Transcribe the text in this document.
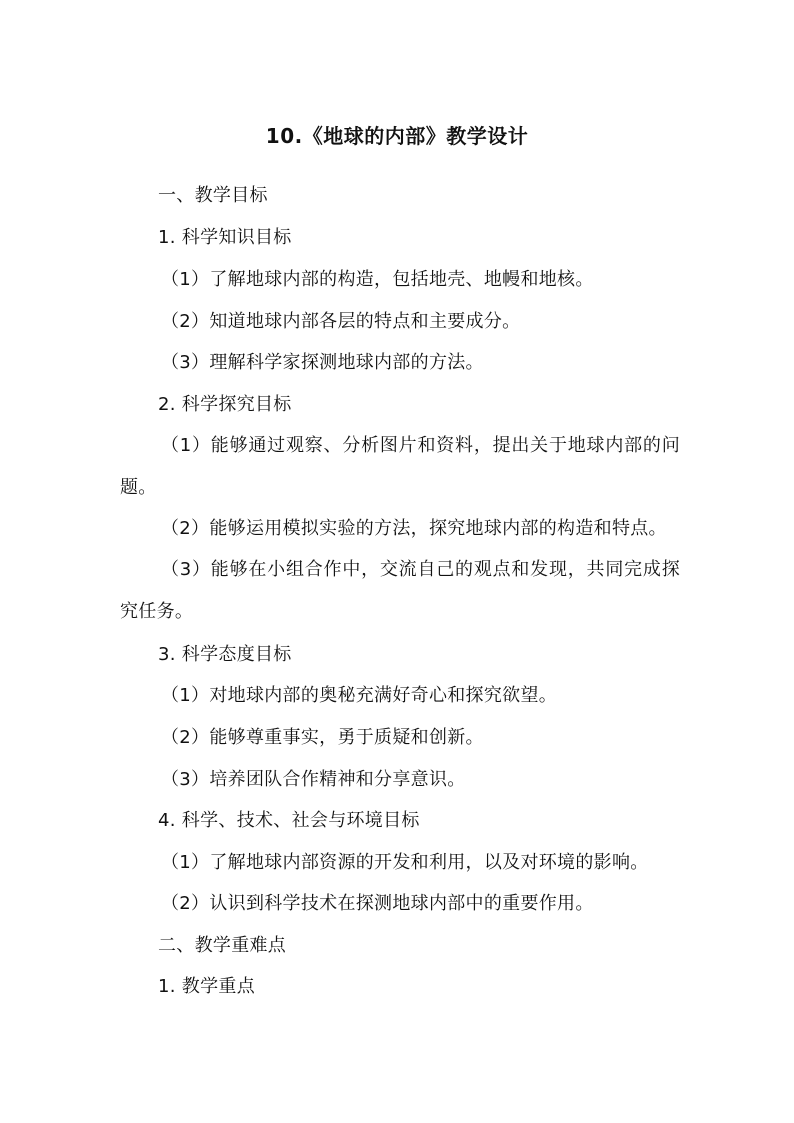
10.《地球的内部》教学设计
一、教学目标
1. 科学知识目标
（1）了解地球内部的构造，包括地壳、地幔和地核。
（2）知道地球内部各层的特点和主要成分。
（3）理解科学家探测地球内部的方法。
2. 科学探究目标
（1）能够通过观察、分析图片和资料，提出关于地球内部的问题。
（2）能够运用模拟实验的方法，探究地球内部的构造和特点。
（3）能够在小组合作中，交流自己的观点和发现，共同完成探究任务。
3. 科学态度目标
（1）对地球内部的奥秘充满好奇心和探究欲望。
（2）能够尊重事实，勇于质疑和创新。
（3）培养团队合作精神和分享意识。
4. 科学、技术、社会与环境目标
（1）了解地球内部资源的开发和利用，以及对环境的影响。
（2）认识到科学技术在探测地球内部中的重要作用。
二、教学重难点
1. 教学重点
